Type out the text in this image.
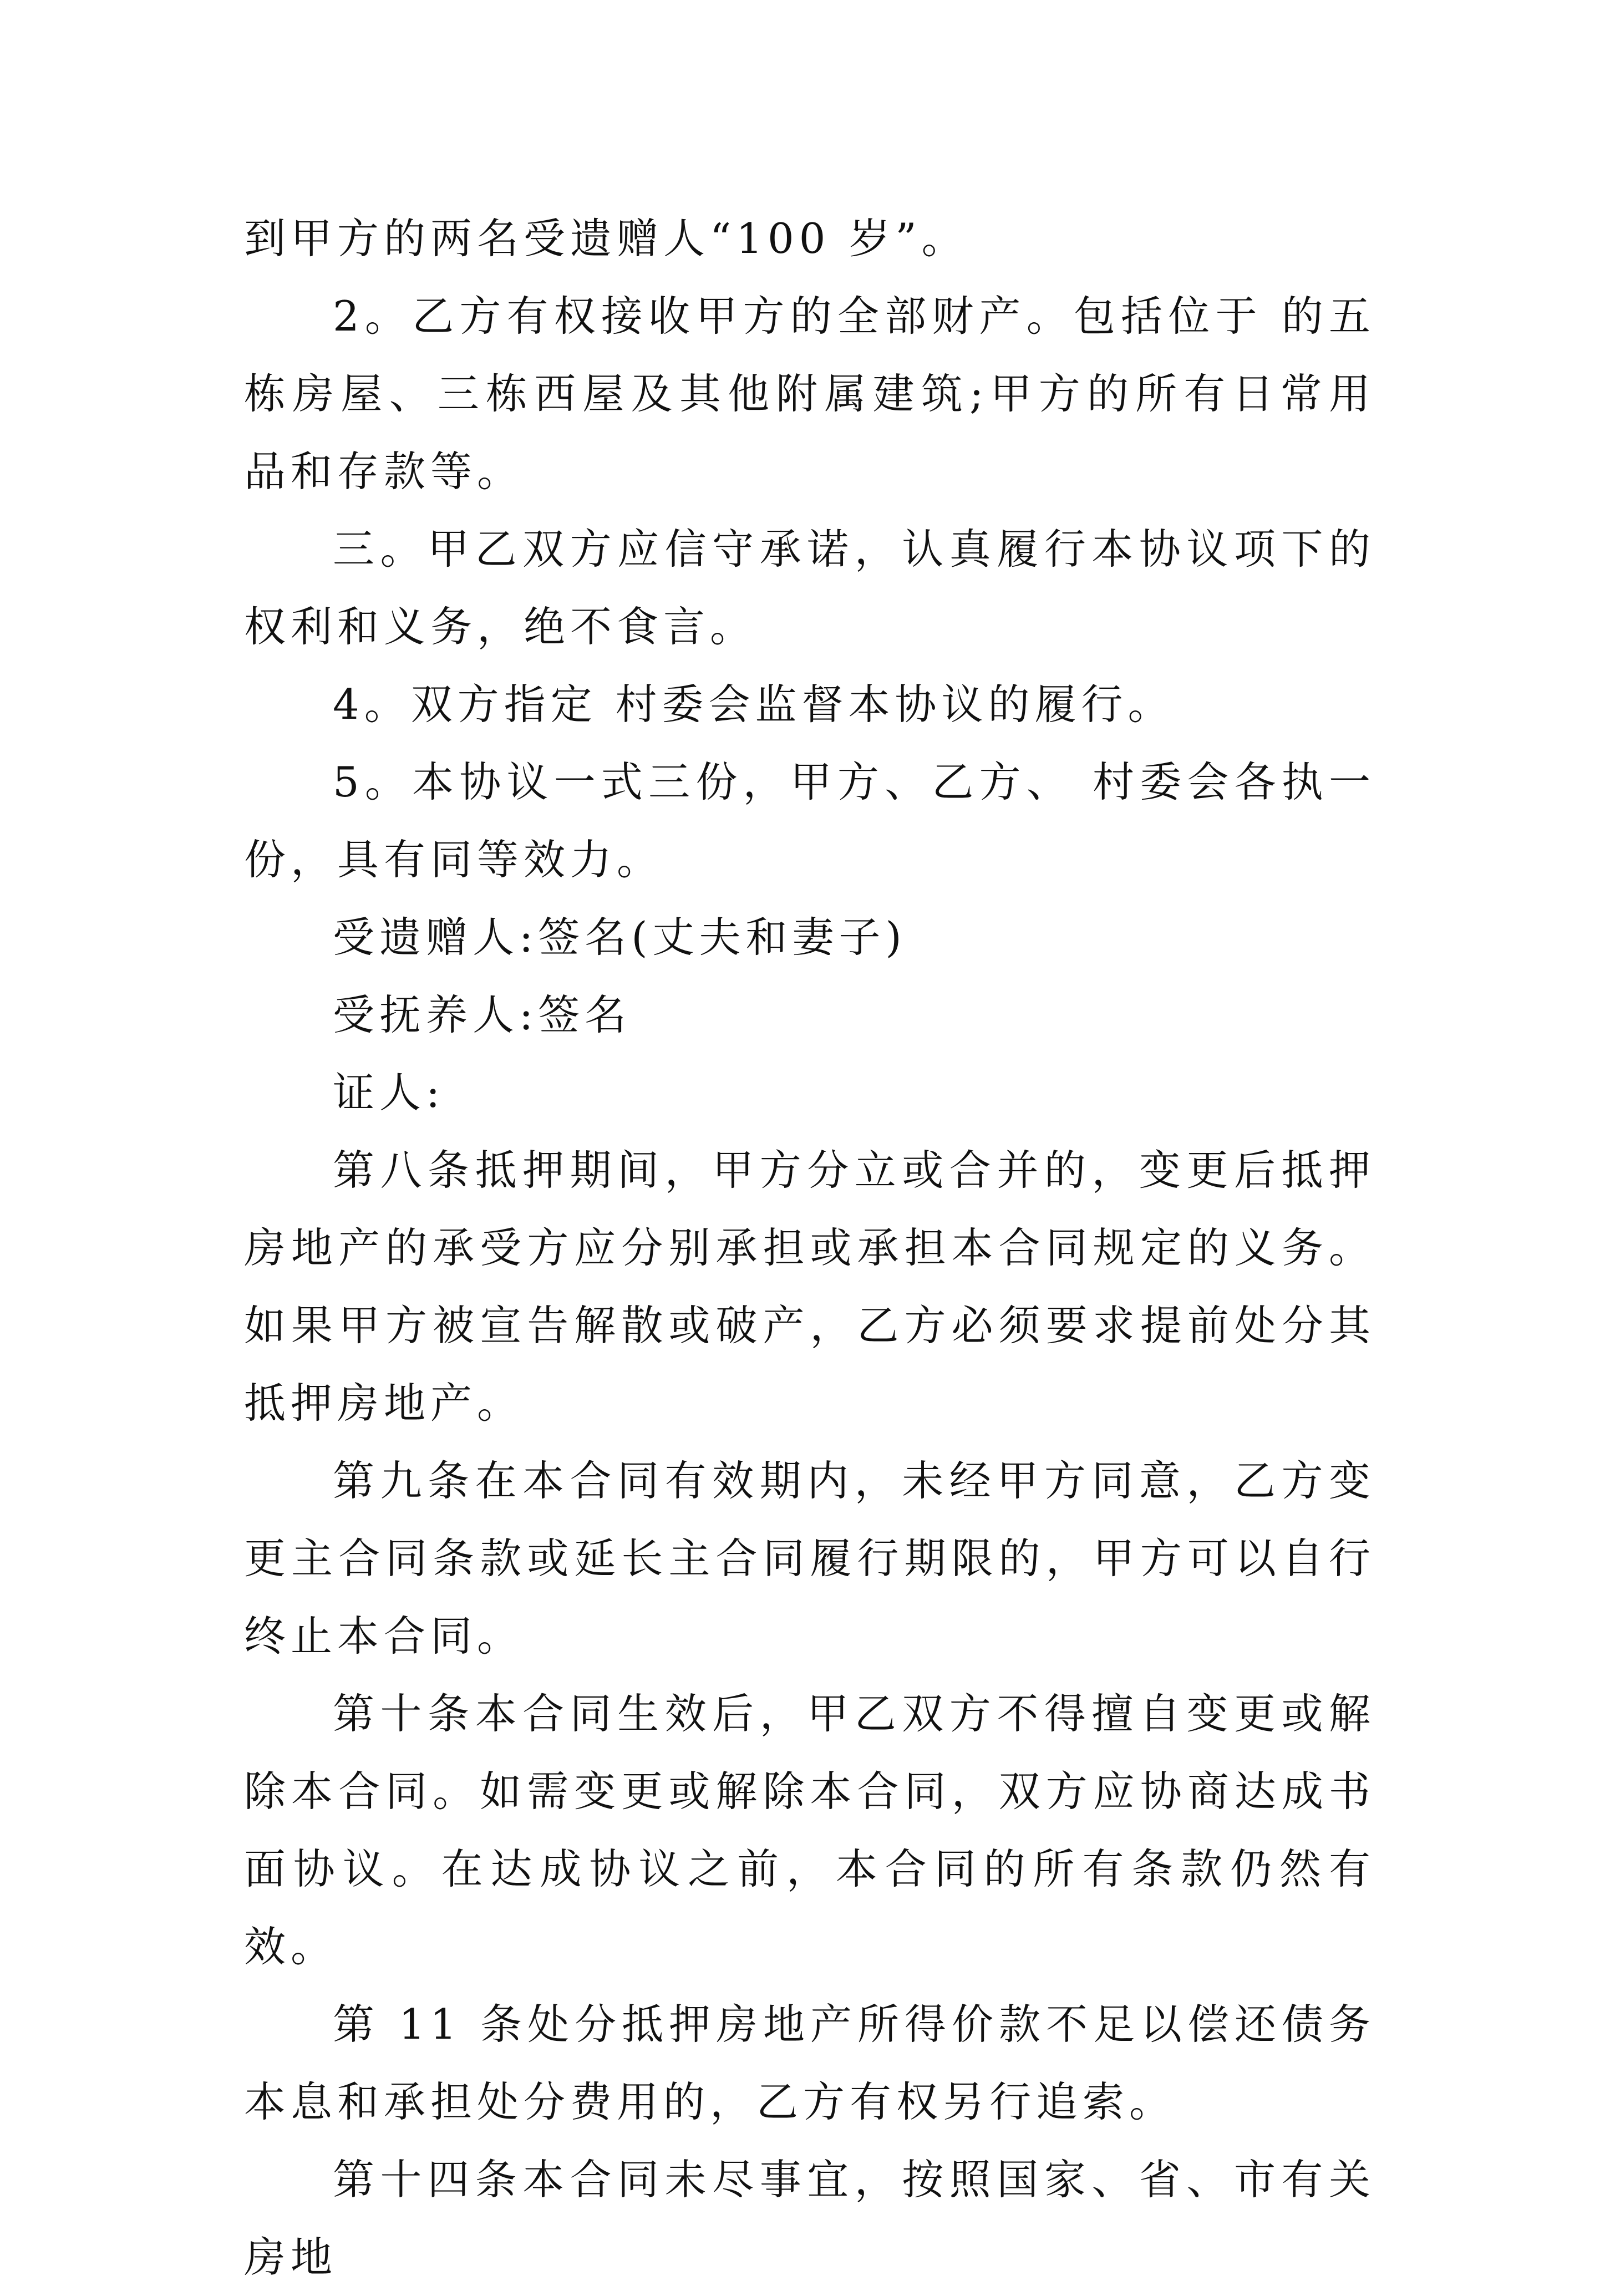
到甲方的两名受遗赠人“100 岁”。

2。乙方有权接收甲方的全部财产。包括位于 的五栋房屋、三栋西屋及其他附属建筑;甲方的所有日常用品和存款等。

三。甲乙双方应信守承诺，认真履行本协议项下的权利和义务，绝不食言。

4。双方指定 村委会监督本协议的履行。

5。本协议一式三份，甲方、乙方、 村委会各执一份，具有同等效力。

受遗赠人:签名(丈夫和妻子)

受抚养人:签名

证人:

第八条抵押期间，甲方分立或合并的，变更后抵押房地产的承受方应分别承担或承担本合同规定的义务。如果甲方被宣告解散或破产，乙方必须要求提前处分其抵押房地产。

第九条在本合同有效期内，未经甲方同意，乙方变更主合同条款或延长主合同履行期限的，甲方可以自行终止本合同。

第十条本合同生效后，甲乙双方不得擅自变更或解除本合同。如需变更或解除本合同，双方应协商达成书面协议。在达成协议之前，本合同的所有条款仍然有效。

第 11 条处分抵押房地产所得价款不足以偿还债务本息和承担处分费用的，乙方有权另行追索。

第十四条本合同未尽事宜，按照国家、省、市有关房地
